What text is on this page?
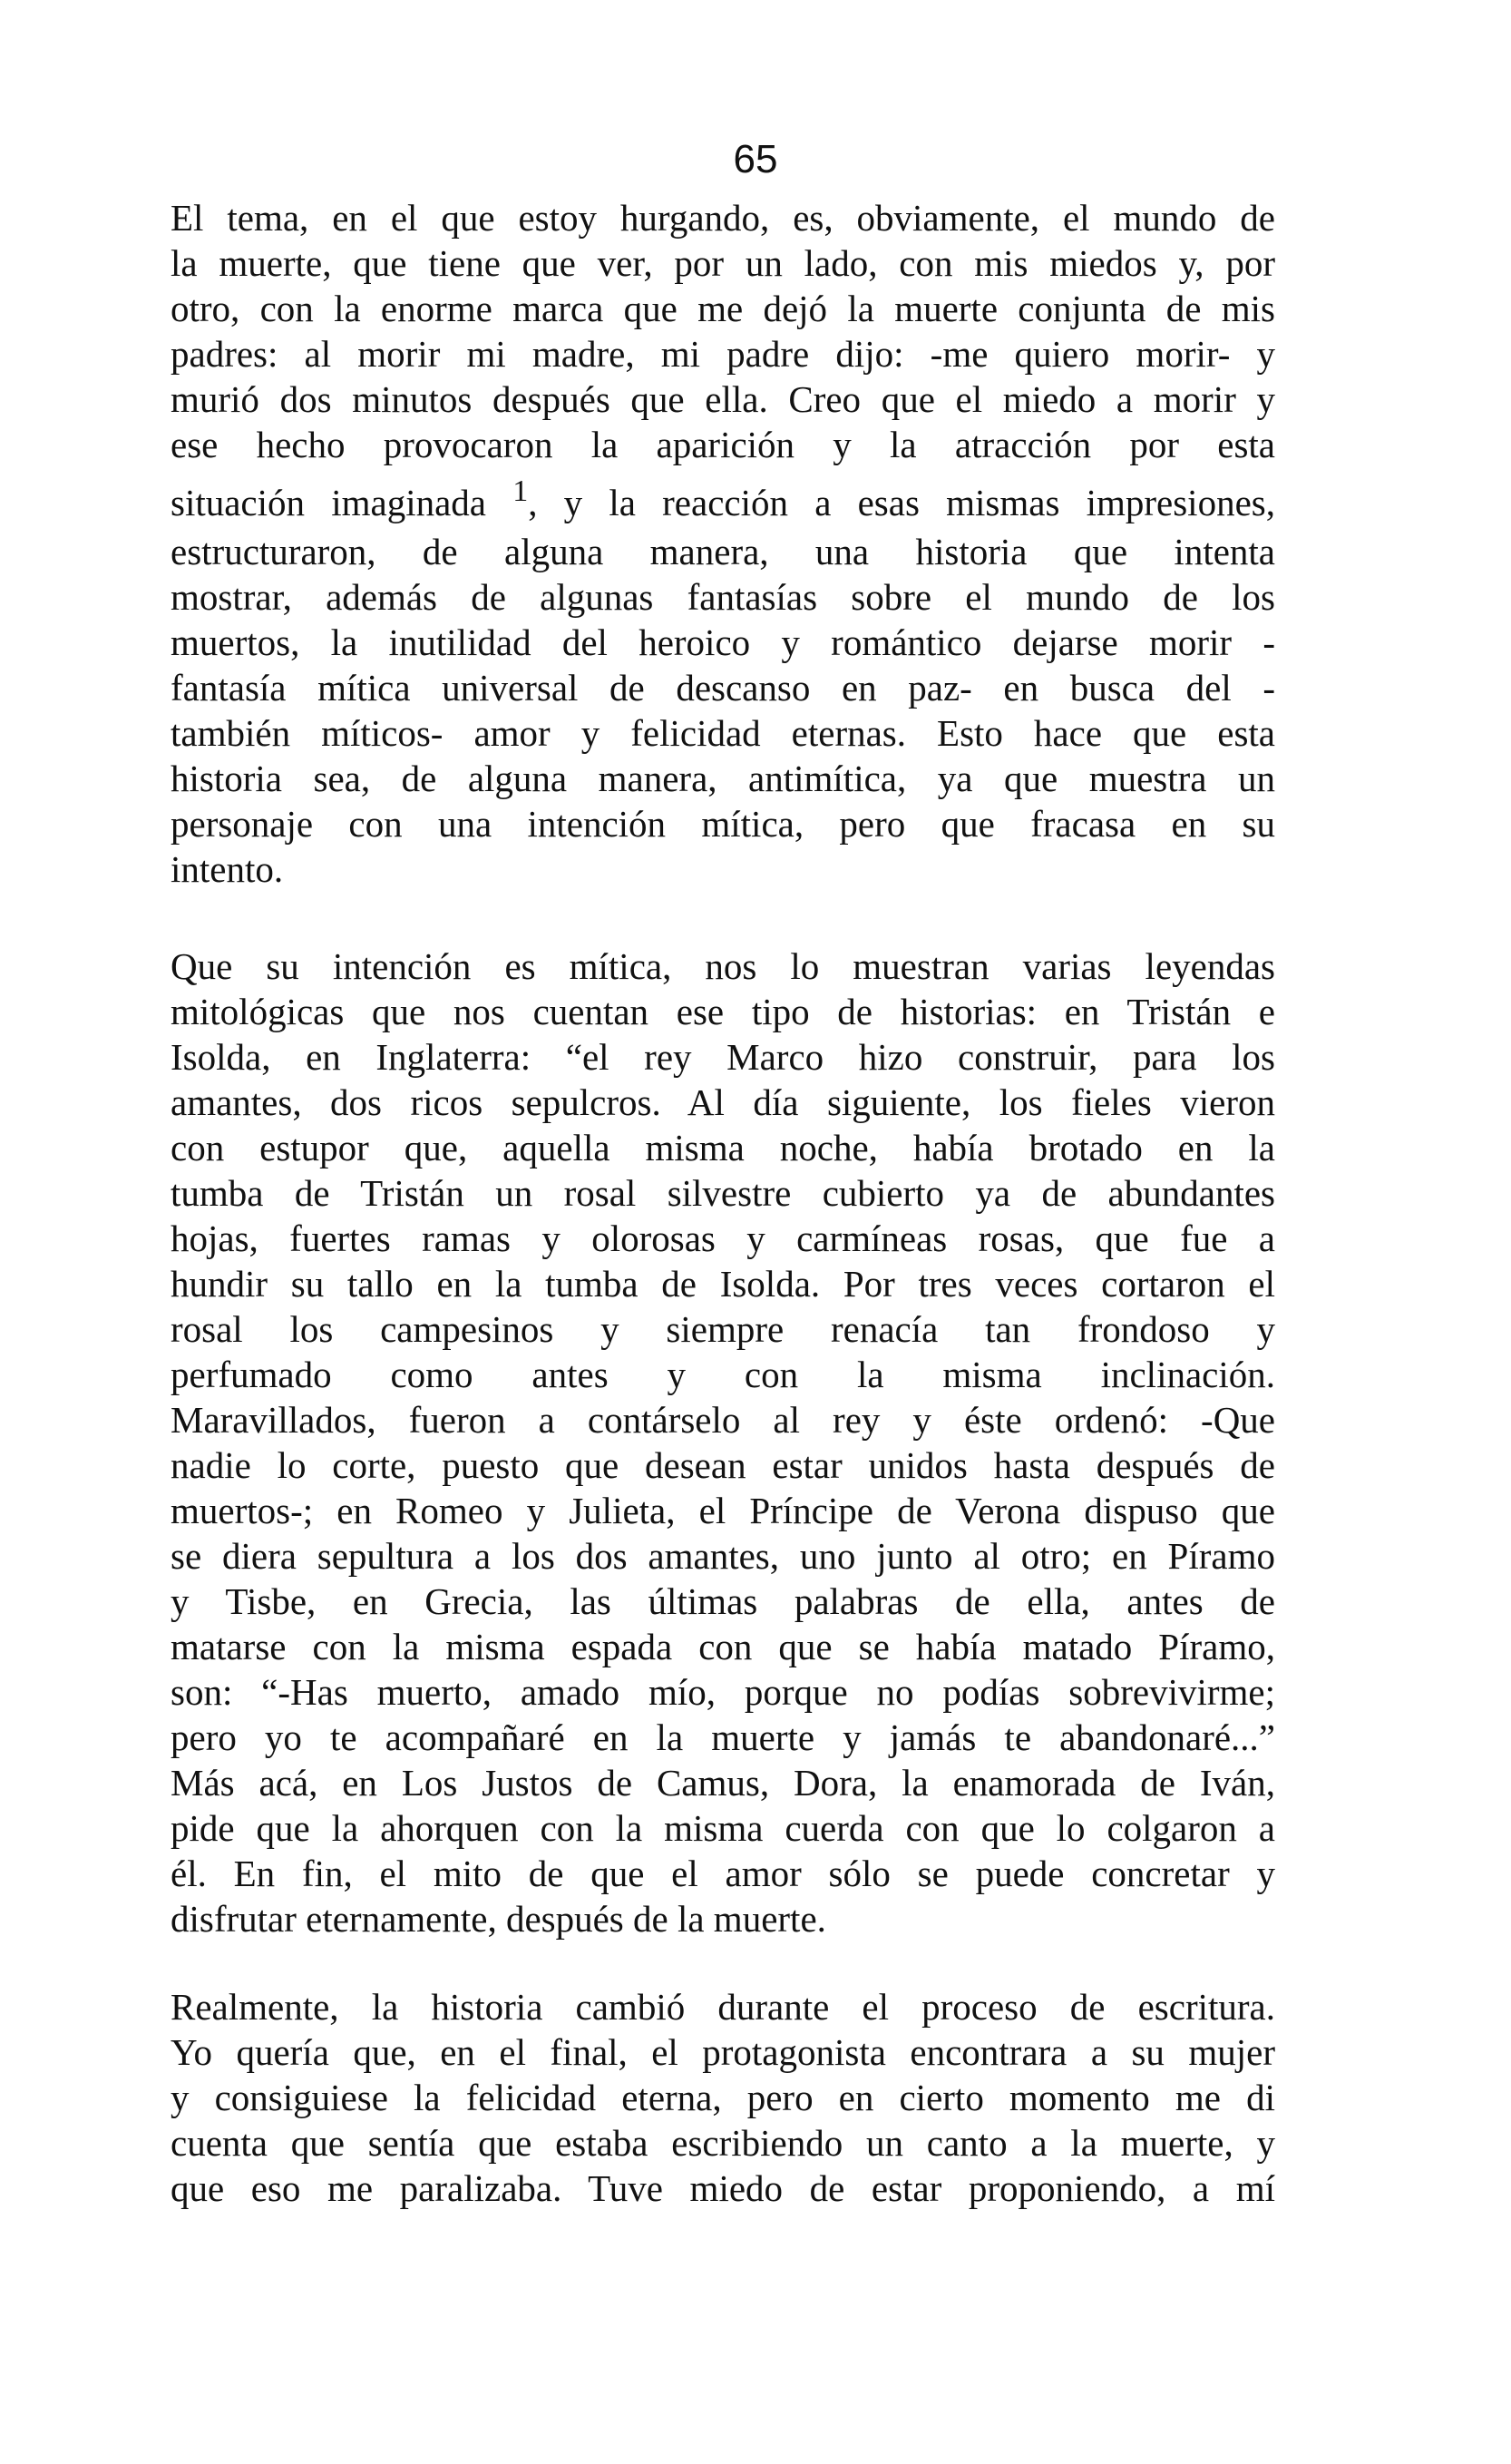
65

El tema, en el que estoy hurgando, es, obviamente, el mundo de
la muerte, que tiene que ver, por un lado, con mis miedos y, por
otro, con la enorme marca que me dejó la muerte conjunta de mis
padres: al morir mi madre, mi padre dijo: -me quiero morir- y
murió dos minutos después que ella. Creo que el miedo a morir y
ese hecho provocaron la aparición y la atracción por esta
situación imaginada $^1$, y la reacción a esas mismas impresiones,
estructuraron, de alguna manera, una historia que intenta
mostrar, además de algunas fantasías sobre el mundo de los
muertos, la inutilidad del heroico y romántico dejarse morir -
fantasía mítica universal de descanso en paz- en busca del -
también míticos- amor y felicidad eternas. Esto hace que esta
historia sea, de alguna manera, antimítica, ya que muestra un
personaje con una intención mítica, pero que fracasa en su
intento.

Que su intención es mítica, nos lo muestran varias leyendas
mitológicas que nos cuentan ese tipo de historias: en Tristán e
Isolda, en Inglaterra: “el rey Marco hizo construir, para los
amantes, dos ricos sepulcros. Al día siguiente, los fieles vieron
con estupor que, aquella misma noche, había brotado en la
tumba de Tristán un rosal silvestre cubierto ya de abundantes
hojas, fuertes ramas y olorosas y carmíneas rosas, que fue a
hundir su tallo en la tumba de Isolda. Por tres veces cortaron el
rosal los campesinos y siempre renacía tan frondoso y
perfumado como antes y con la misma inclinación.
Maravillados, fueron a contárselo al rey y éste ordenó: -Que
nadie lo corte, puesto que desean estar unidos hasta después de
muertos-; en Romeo y Julieta, el Príncipe de Verona dispuso que
se diera sepultura a los dos amantes, uno junto al otro; en Píramo
y Tisbe, en Grecia, las últimas palabras de ella, antes de
matarse con la misma espada con que se había matado Píramo,
son: “-Has muerto, amado mío, porque no podías sobrevivirme;
pero yo te acompañaré en la muerte y jamás te abandonaré...”
Más acá, en Los Justos de Camus, Dora, la enamorada de Iván,
pide que la ahorquen con la misma cuerda con que lo colgaron a
él. En fin, el mito de que el amor sólo se puede concretar y
disfrutar eternamente, después de la muerte.

Realmente, la historia cambió durante el proceso de escritura.
Yo quería que, en el final, el protagonista encontrara a su mujer
y consiguiese la felicidad eterna, pero en cierto momento me di
cuenta que sentía que estaba escribiendo un canto a la muerte, y
que eso me paralizaba. Tuve miedo de estar proponiendo, a mí
